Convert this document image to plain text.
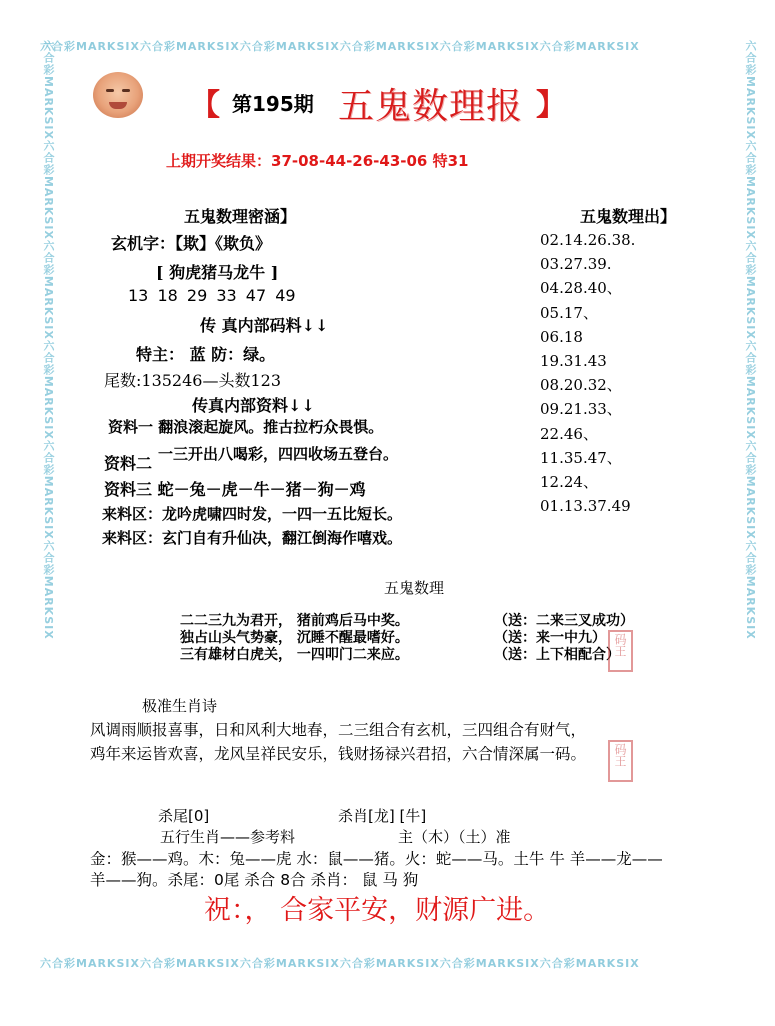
六合彩MARKSIX六合彩MARKSIX六合彩MARKSIX六合彩MARKSIX六合彩MARKSIX六合彩MARKSIX
六合彩MARKSIX六合彩MARKSIX六合彩MARKSIX六合彩MARKSIX六合彩MARKSIX六合彩MARKSIX
六合彩MARKSIX六合彩MARKSIX六合彩MARKSIX六合彩MARKSIX六合彩MARKSIX六合彩MARKSIX	六合彩MARKSIX六合彩MARKSIX六合彩MARKSIX六合彩MARKSIX六合彩MARKSIX六合彩MARKSIX
【 第195期 五鬼数理报 】
上期开奖结果：37-08-44-26-43-06 特31
五鬼数理密涵】
玄机字：【欺】《欺负》
[ 狗虎猪马龙牛 ]
13 18 29 33 47 49
传 真内部码料↓↓
特主： 蓝 防：绿。
尾数:135246—头数123
传真内部资料↓↓
资料一 翻浪滚起旋风。推古拉朽众畏惧。
资料二 一三开出八喝彩，四四收场五登台。
资料三 蛇－兔－虎－牛－猪－狗－鸡
来料区：龙吟虎啸四时发，一四一五比短长。
来料区：玄门自有升仙决，翻江倒海作嘻戏。
五鬼数理出】
02.14.26.38.
03.27.39.
04.28.40、
05.17、
06.18
19.31.43
08.20.32、
09.21.33、
22.46、
11.35.47、
12.24、
01.13.37.49
五鬼数理
二二三九为君开， 猪前鸡后马中奖。	（送：二来三叉成功）
独占山头气势豪， 沉睡不醒最嗜好。	（送：来一中九）
三有雄材白虎关， 一四叩门二来应。	（送：上下相配合）
极准生肖诗
风调雨顺报喜事，日和风利大地春，二三组合有玄机，三四组合有财气，
鸡年来运皆欢喜，龙风呈祥民安乐，钱财扬禄兴君招，六合情深属一码。
码王
码王
杀尾[0]	杀肖[龙] [牛]
五行生肖——参考料	主（木）（土）准
金：猴——鸡。木：兔——虎 水：鼠——猪。火：蛇——马。土牛 牛 羊——龙——
羊——狗。杀尾：0尾 杀合 8合 杀肖： 鼠 马 狗
祝：， 合家平安，财源广进。
